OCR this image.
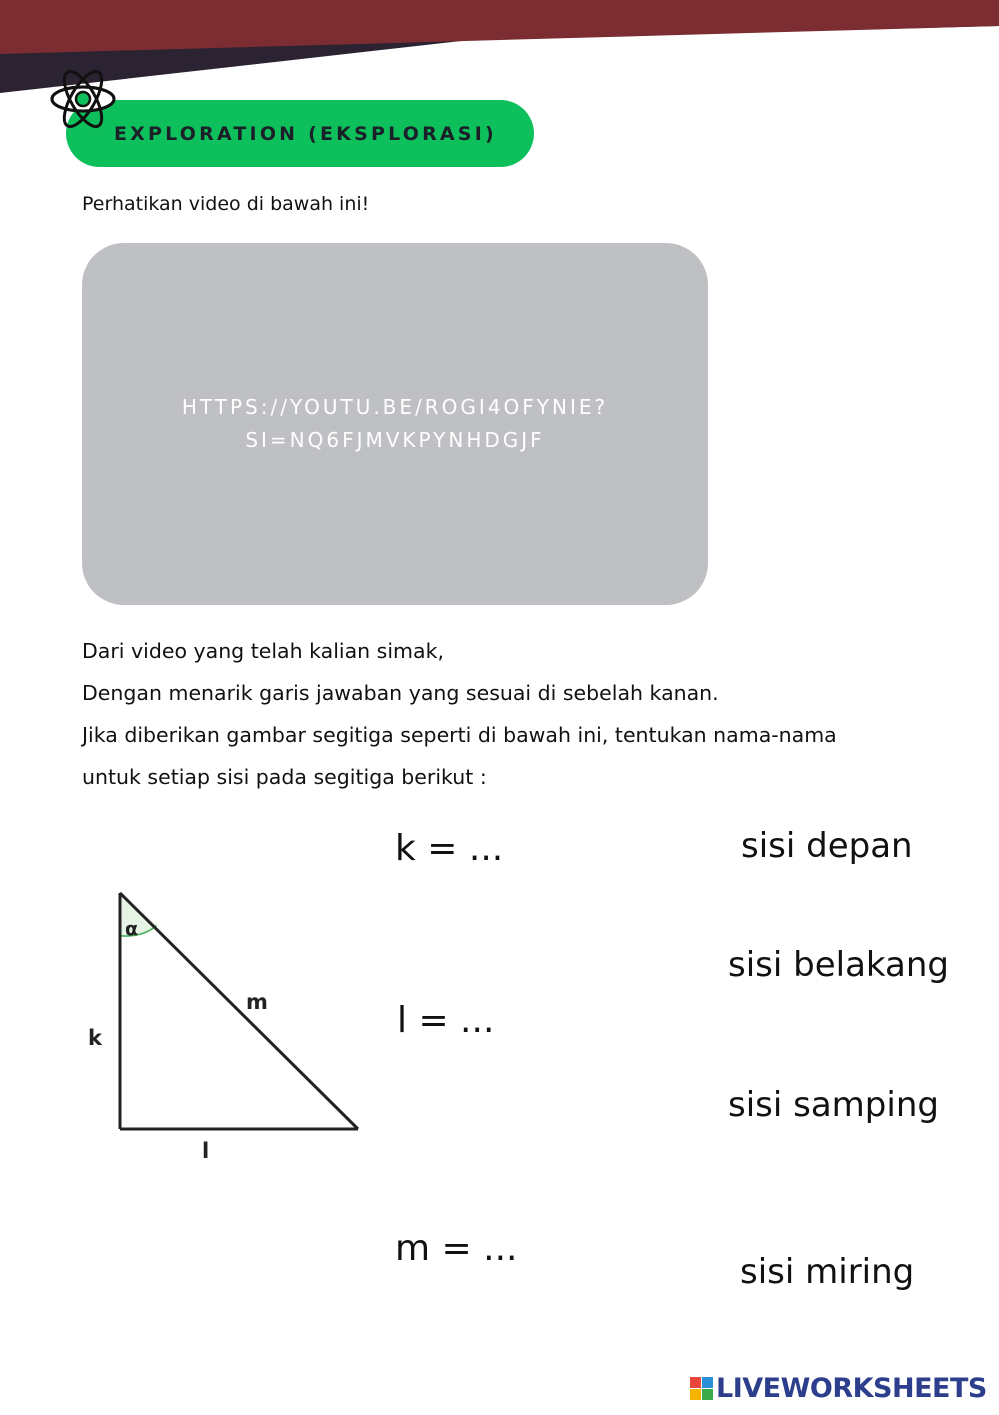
EXPLORATION (EKSPLORASI)
Perhatikan video di bawah ini!
HTTPS://YOUTU.BE/ROGI4OFYNIE?SI=NQ6FJMVKPYNHDGJF
Dari video yang telah kalian simak,
Dengan menarik garis jawaban yang sesuai di sebelah kanan.
Jika diberikan gambar segitiga seperti di bawah ini, tentukan nama-nama
untuk setiap sisi pada segitiga berikut :
α
k
m
l
k = ...
l = ...
m = ...
sisi depan
sisi belakang
sisi samping
sisi miring
LIVEWORKSHEETS
